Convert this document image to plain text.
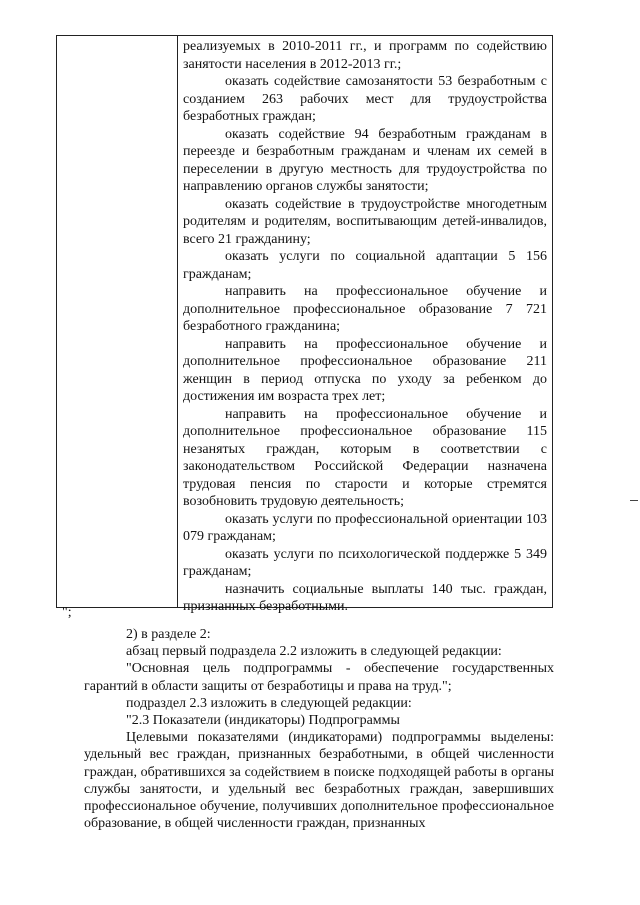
реализуемых в 2010-2011 гг., и программ по содействию занятости населения в 2012-2013 гг.;

оказать содействие самозанятости 53 безработным с созданием 263 рабочих мест для трудоустройства безработных граждан;

оказать содействие 94 безработным гражданам в переезде и безработным гражданам и членам их семей в переселении в другую местность для трудоустройства по направлению органов службы занятости;

оказать содействие в трудоустройстве многодетным родителям и родителям, воспитывающим детей-инвалидов, всего 21 гражданину;

оказать услуги по социальной адаптации 5 156 гражданам;

направить на профессиональное обучение и дополнительное профессиональное образование 7 721 безработного гражданина;

направить на профессиональное обучение и дополнительное профессиональное образование 211 женщин в период отпуска по уходу за ребенком до достижения им возраста трех лет;

направить на профессиональное обучение и дополнительное профессиональное образование 115 незанятых граждан, которым в соответствии с законодательством Российской Федерации назначена трудовая пенсия по старости и которые стремятся возобновить трудовую деятельность;

оказать услуги по профессиональной ориентации 103 079 гражданам;

оказать услуги по психологической поддержке 5 349 гражданам;

назначить социальные выплаты 140 тыс. граждан, признанных безработными.

";

2) в разделе 2:

абзац первый подраздела 2.2 изложить в следующей редакции:

"Основная цель подпрограммы - обеспечение государственных гарантий в области защиты от безработицы и права на труд.";

подраздел 2.3 изложить в следующей редакции:

"2.3 Показатели (индикаторы) Подпрограммы

Целевыми показателями (индикаторами) подпрограммы выделены: удельный вес граждан, признанных безработными, в общей численности граждан, обратившихся за содействием в поиске подходящей работы в органы службы занятости, и удельный вес безработных граждан, завершивших профессиональное обучение, получивших дополнительное профессиональное образование, в общей численности граждан, признанных
